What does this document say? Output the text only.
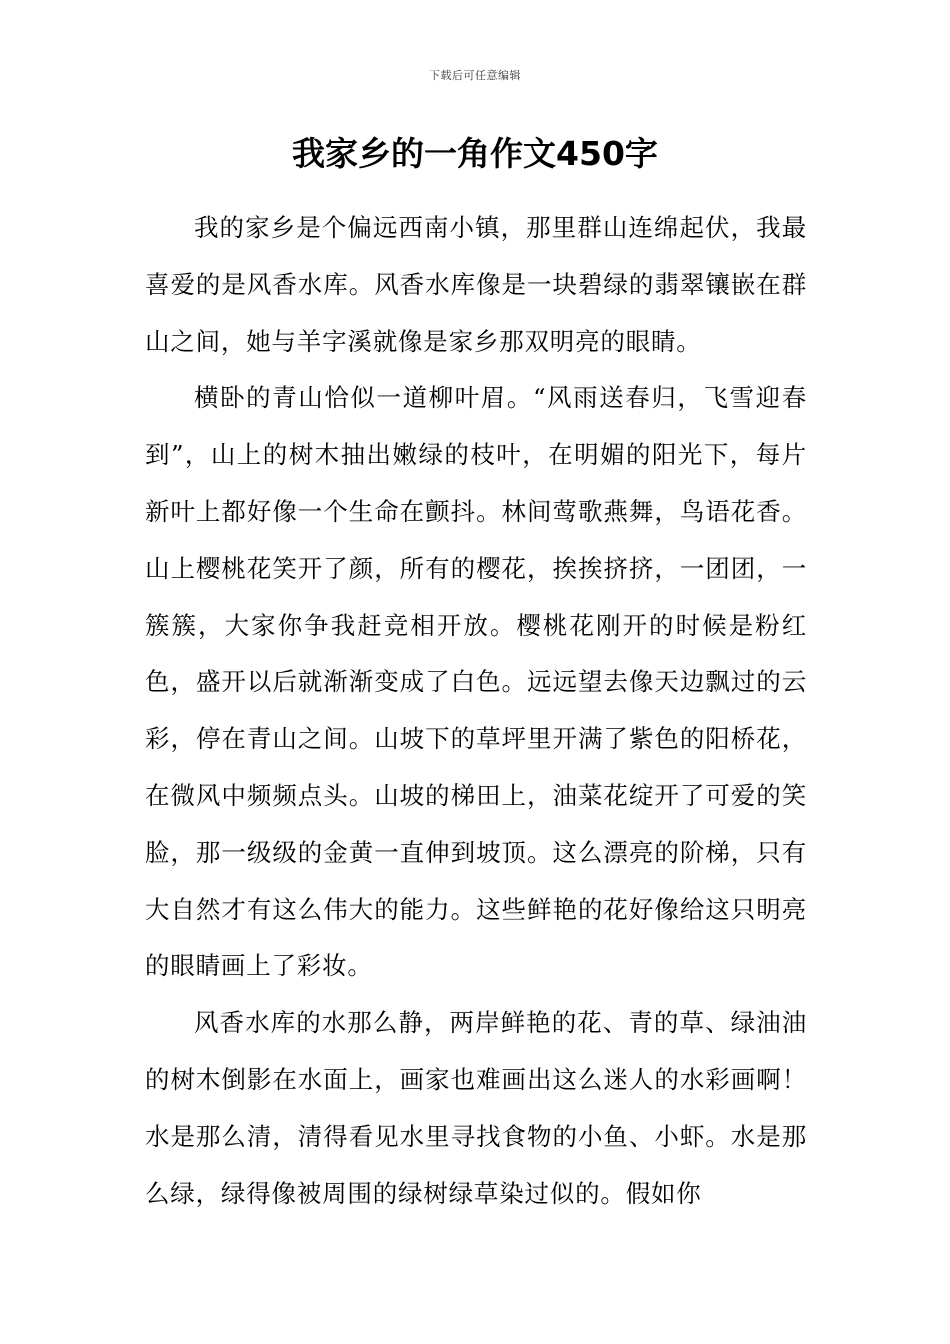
下载后可任意编辑
我家乡的一角作文450字

我的家乡是个偏远西南小镇，那里群山连绵起伏，我最喜爱的是风香水库。风香水库像是一块碧绿的翡翠镶嵌在群山之间，她与羊字溪就像是家乡那双明亮的眼睛。

横卧的青山恰似一道柳叶眉。“风雨送春归，飞雪迎春到”，山上的树木抽出嫩绿的枝叶，在明媚的阳光下，每片新叶上都好像一个生命在颤抖。林间莺歌燕舞，鸟语花香。山上樱桃花笑开了颜，所有的樱花，挨挨挤挤，一团团，一簇簇，大家你争我赶竞相开放。樱桃花刚开的时候是粉红色，盛开以后就渐渐变成了白色。远远望去像天边飘过的云彩，停在青山之间。山坡下的草坪里开满了紫色的阳桥花，在微风中频频点头。山坡的梯田上，油菜花绽开了可爱的笑脸，那一级级的金黄一直伸到坡顶。这么漂亮的阶梯，只有大自然才有这么伟大的能力。这些鲜艳的花好像给这只明亮的眼睛画上了彩妆。

风香水库的水那么静，两岸鲜艳的花、青的草、绿油油的树木倒影在水面上，画家也难画出这么迷人的水彩画啊！水是那么清，清得看见水里寻找食物的小鱼、小虾。水是那么绿，绿得像被周围的绿树绿草染过似的。假如你
